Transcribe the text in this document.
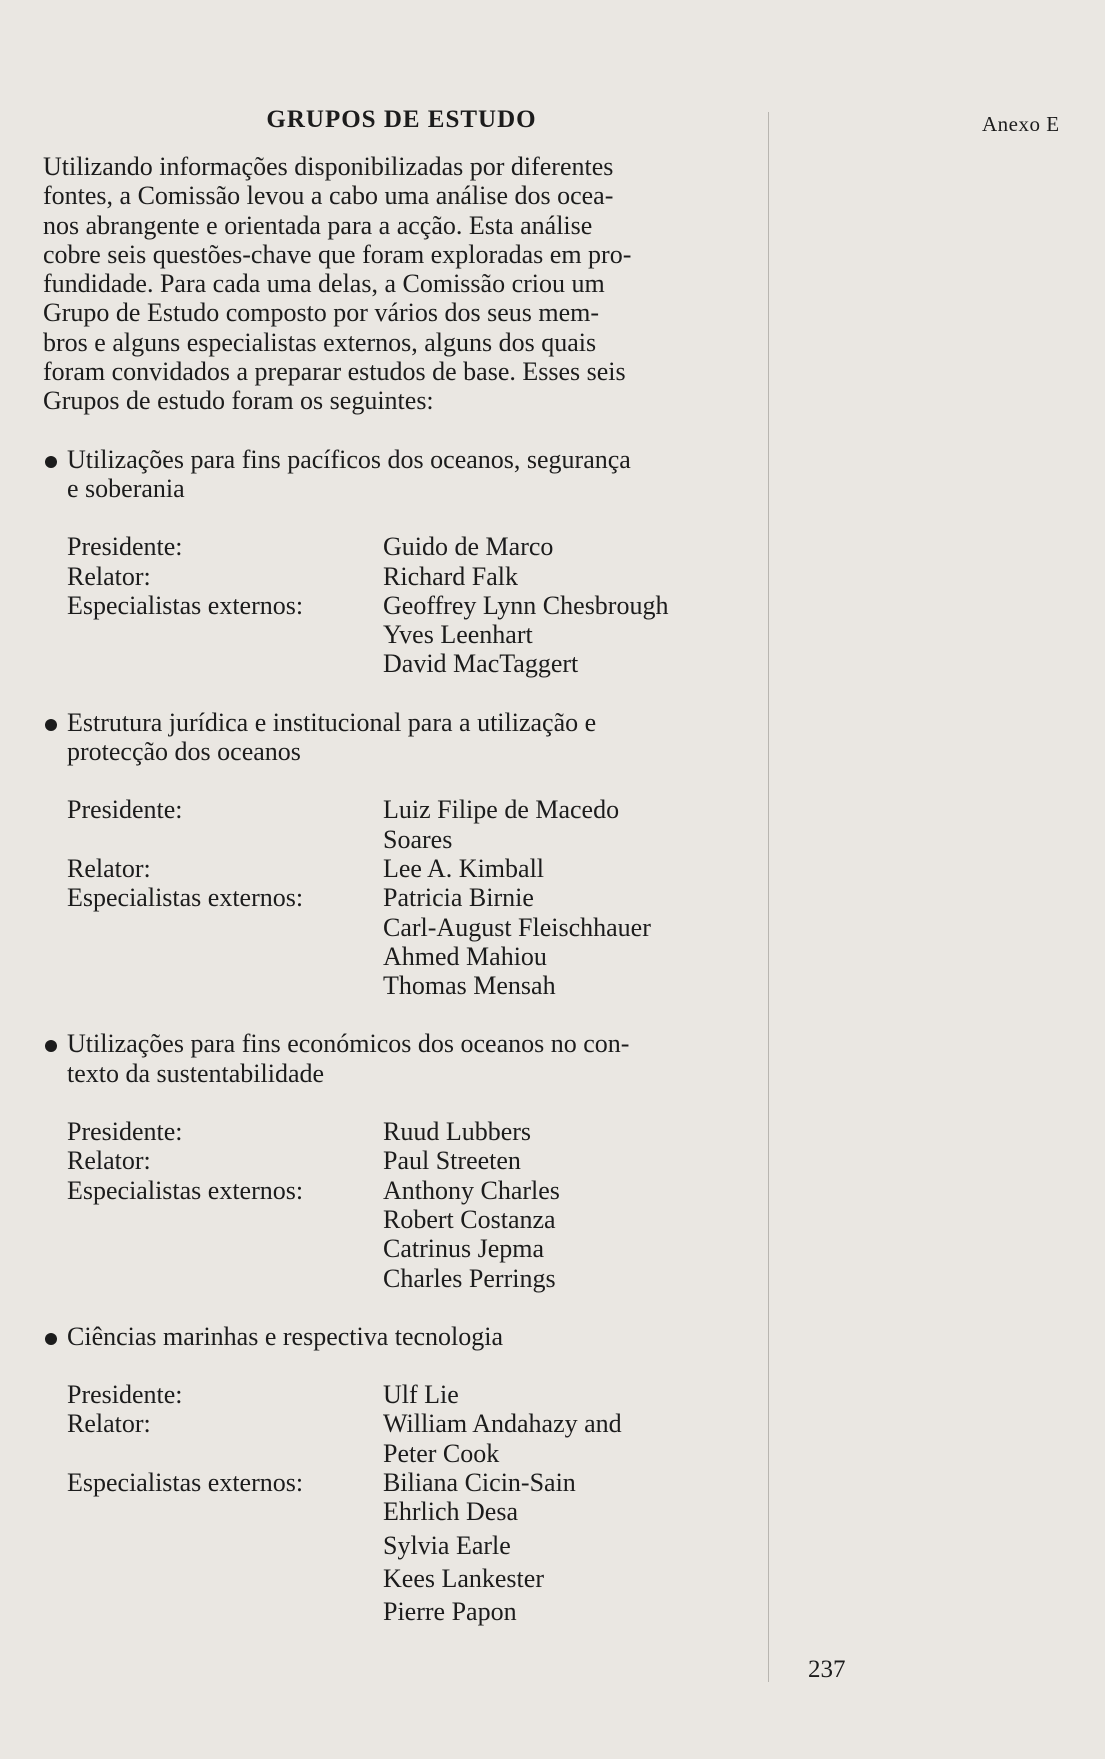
Anexo E
237
GRUPOS DE ESTUDO
Utilizando informações disponibilizadas por diferentes
fontes, a Comissão levou a cabo uma análise dos ocea-
nos abrangente e orientada para a acção. Esta análise
cobre seis questões-chave que foram exploradas em pro-
fundidade. Para cada uma delas, a Comissão criou um
Grupo de Estudo composto por vários dos seus mem-
bros e alguns especialistas externos, alguns dos quais
foram convidados a preparar estudos de base. Esses seis
Grupos de estudo foram os seguintes:
Utilizações para fins pacíficos dos oceanos, segurança
e soberania
Presidente:	Guido de Marco
Relator:	Richard Falk
Especialistas externos:	Geoffrey Lynn Chesbrough
Yves Leenhart
David MacTaggert
Estrutura jurídica e institucional para a utilização e
protecção dos oceanos
Presidente:	Luiz Filipe de Macedo
Soares
Relator:	Lee A. Kimball
Especialistas externos:	Patricia Birnie
Carl-August Fleischhauer
Ahmed Mahiou
Thomas Mensah
Utilizações para fins económicos dos oceanos no con-
texto da sustentabilidade
Presidente:	Ruud Lubbers
Relator:	Paul Streeten
Especialistas externos:	Anthony Charles
Robert Costanza
Catrinus Jepma
Charles Perrings
Ciências marinhas e respectiva tecnologia
Presidente:	Ulf Lie
Relator:	William Andahazy and
Peter Cook
Especialistas externos:	Biliana Cicin-Sain
Ehrlich Desa
Sylvia Earle
Kees Lankester
Pierre Papon
